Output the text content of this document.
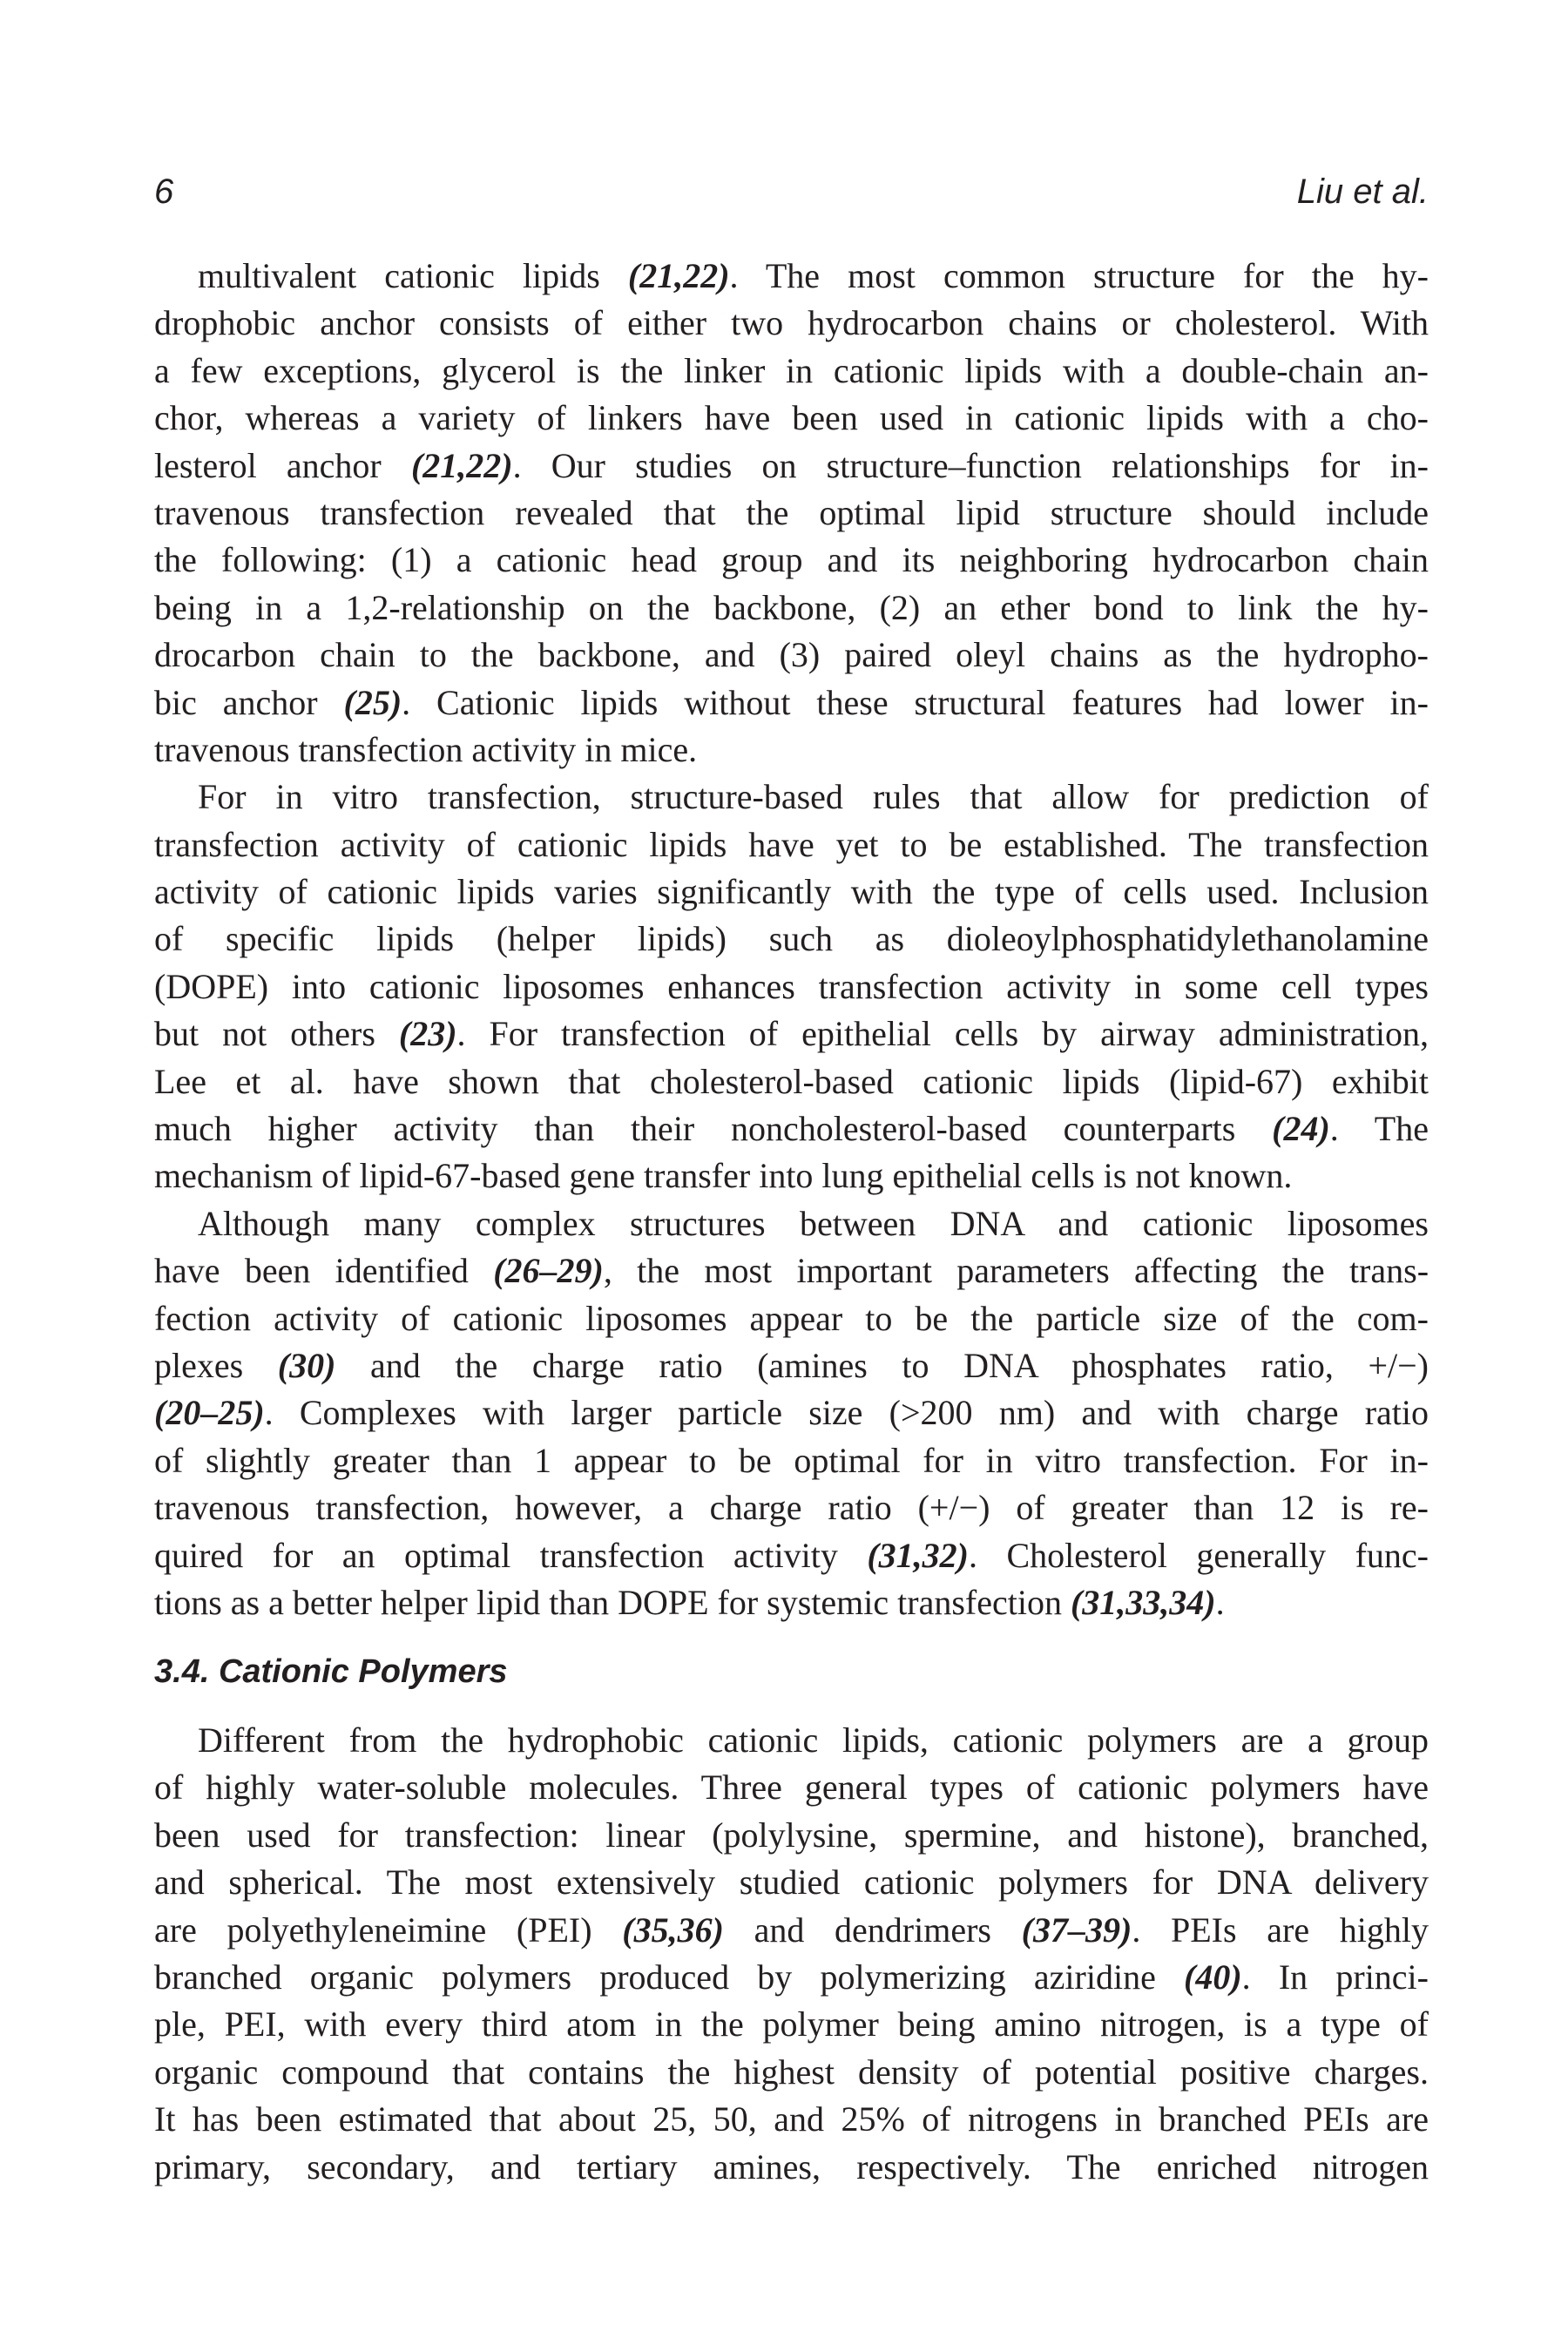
6	Liu et al.
multivalent cationic lipids (21,22). The most common structure for the hy-
drophobic anchor consists of either two hydrocarbon chains or cholesterol. With
a few exceptions, glycerol is the linker in cationic lipids with a double-chain an-
chor, whereas a variety of linkers have been used in cationic lipids with a cho-
lesterol anchor (21,22). Our studies on structure–function relationships for in-
travenous transfection revealed that the optimal lipid structure should include
the following: (1) a cationic head group and its neighboring hydrocarbon chain
being in a 1,2-relationship on the backbone, (2) an ether bond to link the hy-
drocarbon chain to the backbone, and (3) paired oleyl chains as the hydropho-
bic anchor (25). Cationic lipids without these structural features had lower in-
travenous transfection activity in mice.
For in vitro transfection, structure-based rules that allow for prediction of
transfection activity of cationic lipids have yet to be established. The transfection
activity of cationic lipids varies significantly with the type of cells used. Inclusion
of specific lipids (helper lipids) such as dioleoylphosphatidylethanolamine
(DOPE) into cationic liposomes enhances transfection activity in some cell types
but not others (23). For transfection of epithelial cells by airway administration,
Lee et al. have shown that cholesterol-based cationic lipids (lipid-67) exhibit
much higher activity than their noncholesterol-based counterparts (24). The
mechanism of lipid-67-based gene transfer into lung epithelial cells is not known.
Although many complex structures between DNA and cationic liposomes
have been identified (26–29), the most important parameters affecting the trans-
fection activity of cationic liposomes appear to be the particle size of the com-
plexes (30) and the charge ratio (amines to DNA phosphates ratio, +/−)
(20–25). Complexes with larger particle size (>200 nm) and with charge ratio
of slightly greater than 1 appear to be optimal for in vitro transfection. For in-
travenous transfection, however, a charge ratio (+/−) of greater than 12 is re-
quired for an optimal transfection activity (31,32). Cholesterol generally func-
tions as a better helper lipid than DOPE for systemic transfection (31,33,34).
3.4. Cationic Polymers
Different from the hydrophobic cationic lipids, cationic polymers are a group
of highly water-soluble molecules. Three general types of cationic polymers have
been used for transfection: linear (polylysine, spermine, and histone), branched,
and spherical. The most extensively studied cationic polymers for DNA delivery
are polyethyleneimine (PEI) (35,36) and dendrimers (37–39). PEIs are highly
branched organic polymers produced by polymerizing aziridine (40). In princi-
ple, PEI, with every third atom in the polymer being amino nitrogen, is a type of
organic compound that contains the highest density of potential positive charges.
It has been estimated that about 25, 50, and 25% of nitrogens in branched PEIs are
primary, secondary, and tertiary amines, respectively. The enriched nitrogen
